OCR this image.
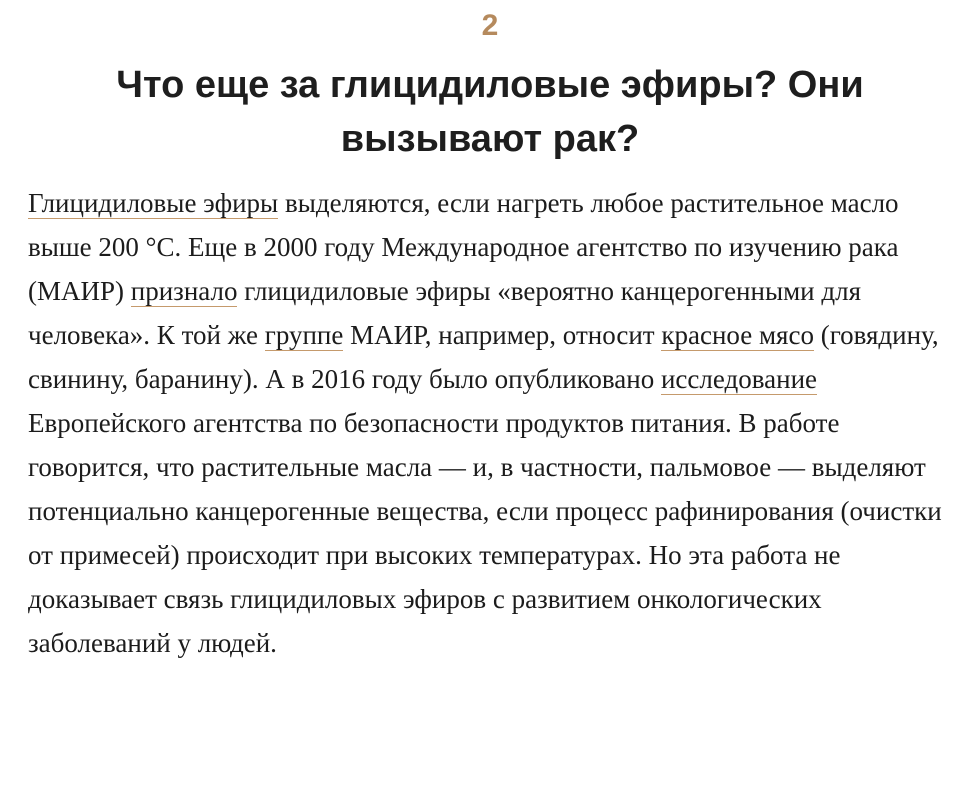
2
Что еще за глицидиловые эфиры? Они вызывают рак?

Глицидиловые эфиры выделяются, если нагреть любое растительное масло выше 200 °C. Еще в 2000 году Международное агентство по изучению рака (МАИР) признало глицидиловые эфиры «вероятно канцерогенными для человека». К той же группе МАИР, например, относит красное мясо (говядину, свинину, баранину). А в 2016 году было опубликовано исследование Европейского агентства по безопасности продуктов питания. В работе говорится, что растительные масла — и, в частности, пальмовое — выделяют потенциально канцерогенные вещества, если процесс рафинирования (очистки от примесей) происходит при высоких температурах. Но эта работа не доказывает связь глицидиловых эфиров с развитием онкологических заболеваний у людей.
